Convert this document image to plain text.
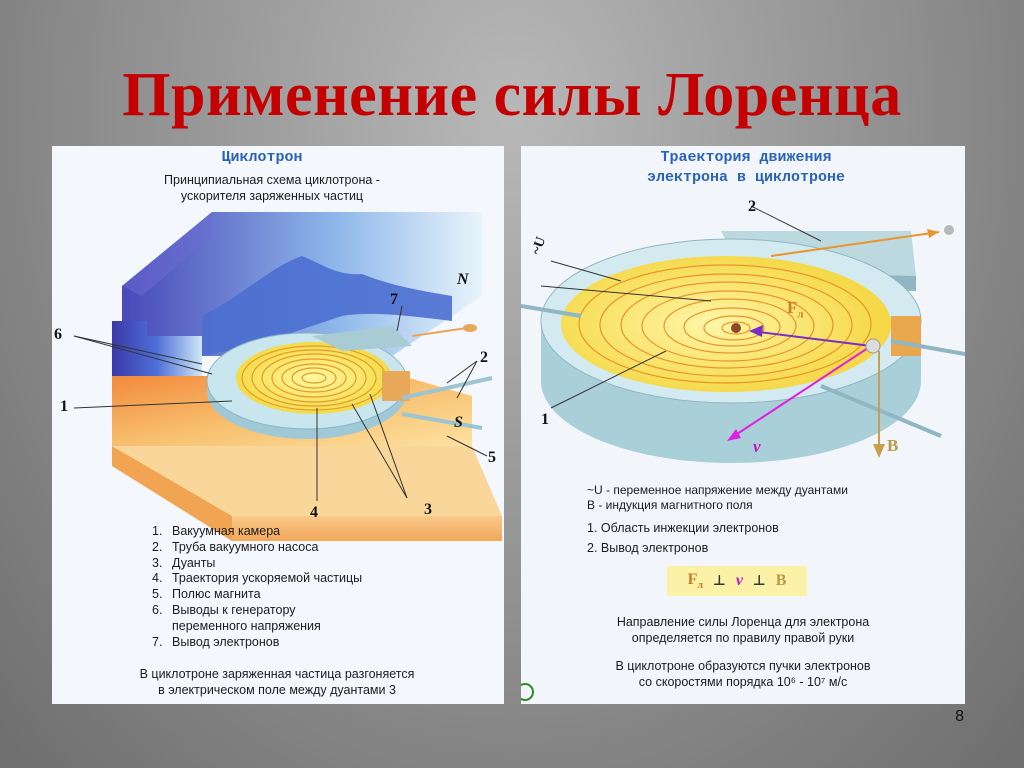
Применение силы Лоренца
Циклотрон
Принципиальная схема циклотрона -
ускорителя заряженных частиц
N
S
6
7
2
1
5
4	3
1. Вакуумная камера
2. Труба вакуумного насоса
3. Дуанты
4. Траектория ускоряемой частицы
5. Полюс магнита
6. Выводы к генератору
переменного напряжения
7. Вывод электронов
В циклотроне заряженная частица разгоняется
в электрическом поле между дуантами 3
Траектория движения
электрона в циклотроне
~U
2
1
$F_л$
v	B
~U - переменное напряжение между дуантами
B - индукция магнитного поля
1. Область инжекции электронов
2. Вывод электронов
$F_л$ ⊥ v ⊥ B
Направление силы Лоренца для электрона
определяется по правилу правой руки
В циклотроне образуются пучки электронов
со скоростями порядка 10⁶ - 10⁷ м/с
8
